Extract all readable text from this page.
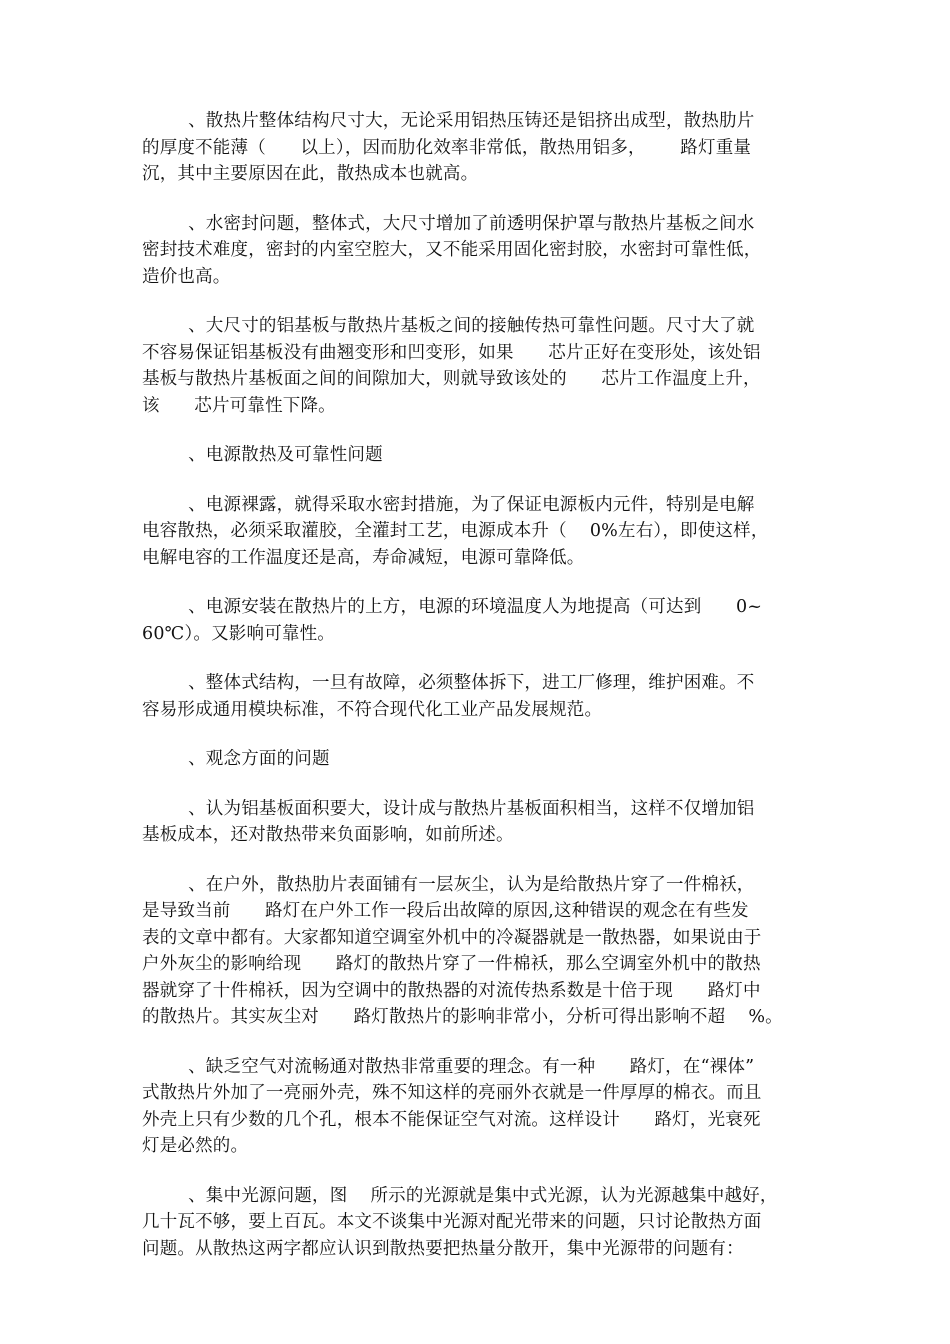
、散热片整体结构尺寸大，无论采用铝热压铸还是铝挤出成型，散热肋片
的厚度不能薄（      以上），因而肋化效率非常低，散热用铝多，      路灯重量
沉，其中主要原因在此，散热成本也就高。

、水密封问题，整体式，大尺寸增加了前透明保护罩与散热片基板之间水
密封技术难度，密封的内室空腔大，又不能采用固化密封胶，水密封可靠性低，
造价也高。

、大尺寸的铝基板与散热片基板之间的接触传热可靠性问题。尺寸大了就
不容易保证铝基板没有曲翘变形和凹变形，如果      芯片正好在变形处，该处铝
基板与散热片基板面之间的间隙加大，则就导致该处的      芯片工作温度上升，
该      芯片可靠性下降。

、电源散热及可靠性问题

、电源裸露，就得采取水密封措施，为了保证电源板内元件，特别是电解
电容散热，必须采取灌胶，全灌封工艺，电源成本升（    0%左右），即使这样，
电解电容的工作温度还是高，寿命减短，电源可靠降低。

、电源安装在散热片的上方，电源的环境温度人为地提高（可达到      0~
60℃）。又影响可靠性。

、整体式结构，一旦有故障，必须整体拆下，进工厂修理，维护困难。不
容易形成通用模块标准，不符合现代化工业产品发展规范。

、观念方面的问题

、认为铝基板面积要大，设计成与散热片基板面积相当，这样不仅增加铝
基板成本，还对散热带来负面影响，如前所述。

、在户外，散热肋片表面铺有一层灰尘，认为是给散热片穿了一件棉袄，
是导致当前      路灯在户外工作一段后出故障的原因,这种错误的观念在有些发
表的文章中都有。大家都知道空调室外机中的冷凝器就是一散热器，如果说由于
户外灰尘的影响给现      路灯的散热片穿了一件棉袄，那么空调室外机中的散热
器就穿了十件棉袄，因为空调中的散热器的对流传热系数是十倍于现      路灯中
的散热片。其实灰尘对      路灯散热片的影响非常小，分析可得出影响不超    %。

、缺乏空气对流畅通对散热非常重要的理念。有一种      路灯，在“裸体”
式散热片外加了一亮丽外壳，殊不知这样的亮丽外衣就是一件厚厚的棉衣。而且
外壳上只有少数的几个孔，根本不能保证空气对流。这样设计      路灯，光衰死
灯是必然的。

、集中光源问题，图    所示的光源就是集中式光源，认为光源越集中越好，
几十瓦不够，要上百瓦。本文不谈集中光源对配光带来的问题，只讨论散热方面
问题。从散热这两字都应认识到散热要把热量分散开，集中光源带的问题有：
